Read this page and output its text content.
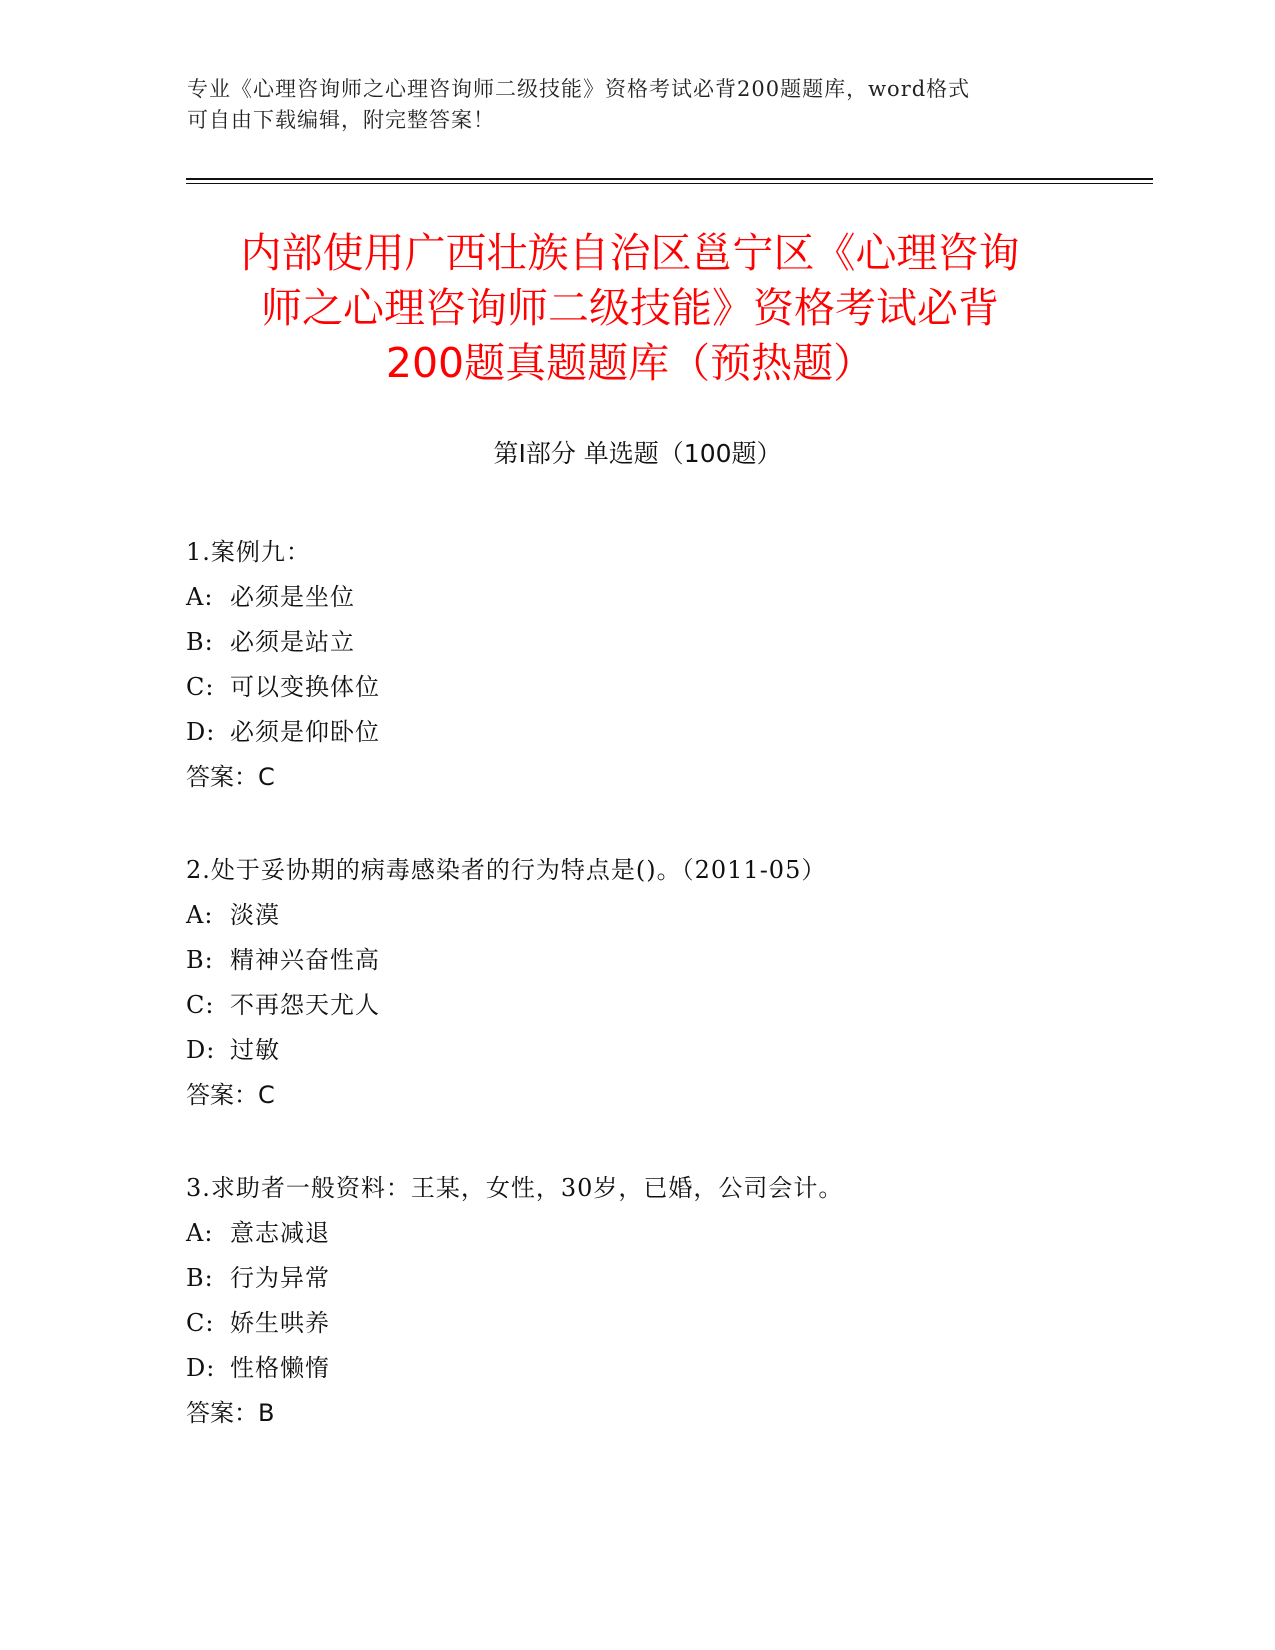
专业《心理咨询师之心理咨询师二级技能》资格考试必背200题题库，word格式
可自由下载编辑，附完整答案！
内部使用广西壮族自治区邕宁区《心理咨询
师之心理咨询师二级技能》资格考试必背
200题真题题库（预热题）
第I部分 单选题（100题）
1.案例九：
A: 必须是坐位
B: 必须是站立
C: 可以变换体位
D: 必须是仰卧位
答案：C
2.处于妥协期的病毒感染者的行为特点是()。（2011-05）
A: 淡漠
B: 精神兴奋性高
C: 不再怨天尤人
D: 过敏
答案：C
3.求助者一般资料：王某，女性，30岁，已婚，公司会计。
A: 意志减退
B: 行为异常
C: 娇生哄养
D: 性格懒惰
答案：B
